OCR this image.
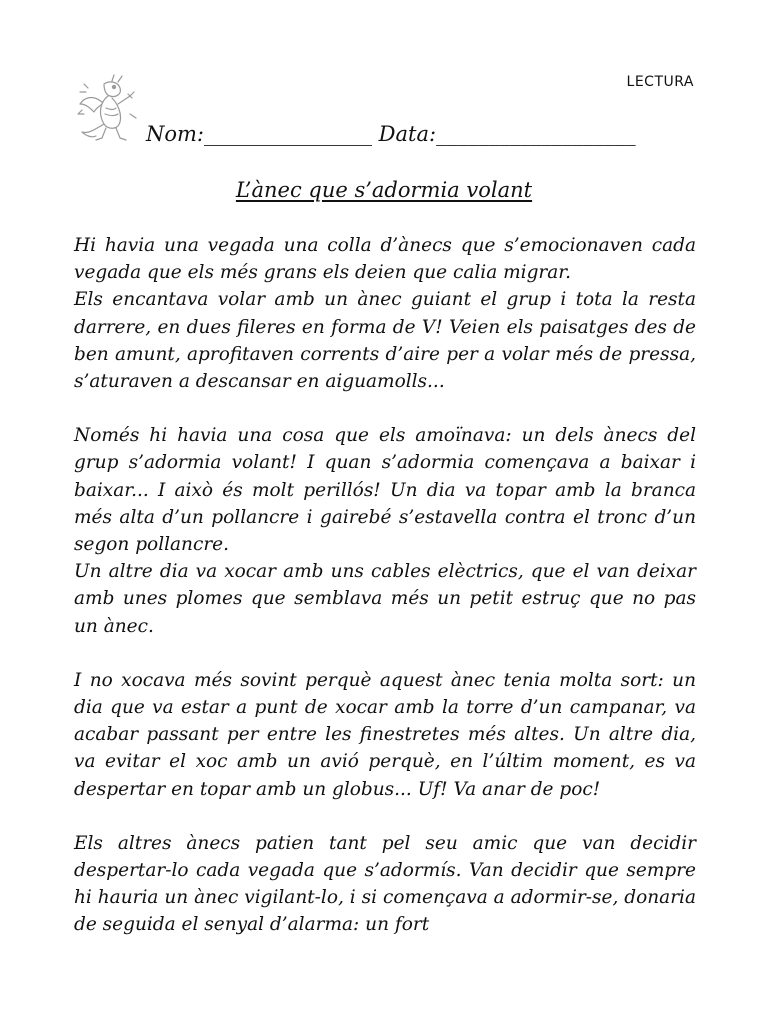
LECTURA
Nom:________________ Data:___________________
L’ànec que s’adormia volant

Hi havia una vegada una colla d’ànecs que s’emocionaven cada vegada que els més grans els deien que calia migrar.

Els encantava volar amb un ànec guiant el grup i tota la resta darrere, en dues fileres en forma de V! Veien els paisatges des de ben amunt, aprofitaven corrents d’aire per a volar més de pressa, s’aturaven a descansar en aiguamolls...

Només hi havia una cosa que els amoïnava: un dels ànecs del grup s’adormia volant! I quan s’adormia començava a baixar i baixar... I això és molt perillós! Un dia va topar amb la branca més alta d’un pollancre i gairebé s’estavella contra el tronc d’un segon pollancre.

Un altre dia va xocar amb uns cables elèctrics, que el van deixar amb unes plomes que semblava més un petit estruç que no pas un ànec.

I no xocava més sovint perquè aquest ànec tenia molta sort: un dia que va estar a punt de xocar amb la torre d’un campanar, va acabar passant per entre les finestretes més altes. Un altre dia, va evitar el xoc amb un avió perquè, en l’últim moment, es va despertar en topar amb un globus... Uf! Va anar de poc!

Els altres ànecs patien tant pel seu amic que van decidir despertar-lo cada vegada que s’adormís. Van decidir que sempre hi hauria un ànec vigilant-lo, i si començava a adormir-se, donaria de seguida el senyal d’alarma: un fort
